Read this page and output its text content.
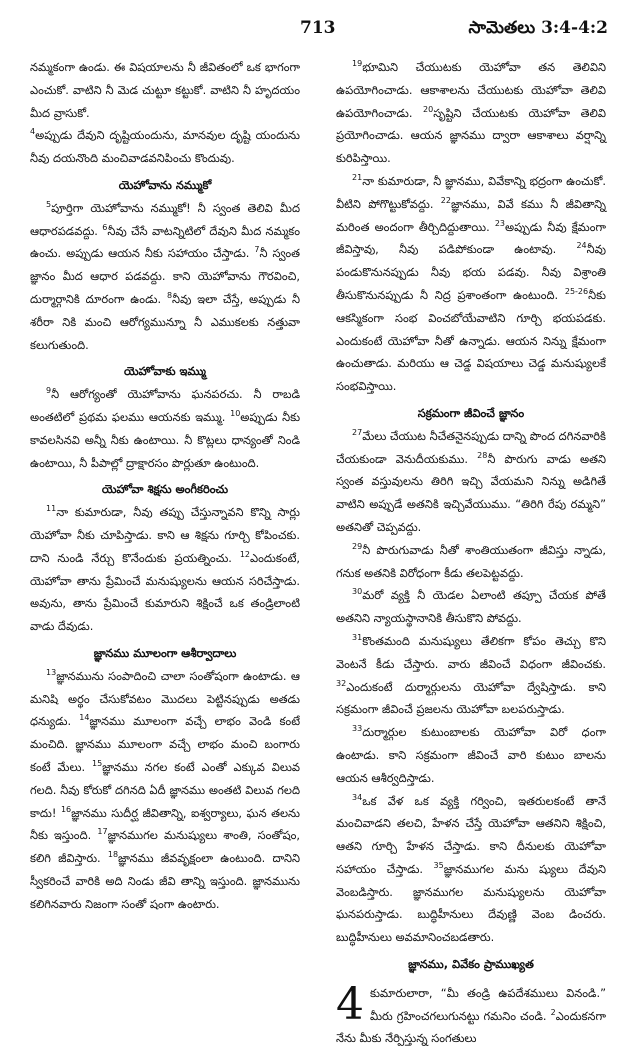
713	సామెతలు 3:4-4:2

నమ్మకంగా ఉండు. ఈ విషయాలను నీ జీవితంలో ఒక భాగంగా ఎంచుకో. వాటిని నీ మెడ చుట్టూ కట్టుకో. వాటిని నీ హృదయం మీద వ్రాసుకో.

$^4$అప్పుడు దేవుని దృష్టియందును, మానవుల దృష్టి యందును నీవు దయనొంది మంచివాడవనిపించు కొందువు.

యెహోవాను నమ్ముకో

$^5$పూర్తిగా యెహోవాను నమ్ముకో! నీ స్వంత తెలివి మీద ఆధారపడవద్దు. $^6$నీవు చేసే వాటన్నిటిలో దేవుని మీద నమ్మకం ఉంచు. అప్పుడు ఆయన నీకు సహాయం చేస్తాడు. $^7$నీ స్వంత జ్ఞానం మీద ఆధార పడవద్దు. కాని యెహోవాను గౌరవించి, దుర్మార్గానికి దూరంగా ఉండు. $^8$నీవు ఇలా చేస్తే, అప్పుడు నీ శరీరా నికి మంచి ఆరోగ్యమున్నూ నీ ఎముకలకు నత్తువా కలుగుతుంది.

యెహోవాకు ఇమ్ము

$^9$నీ ఆరోగ్యంతో యెహోవాను ఘనపరచు. నీ రాబడి అంతటిలో ప్రథమ ఫలము ఆయనకు ఇమ్ము. $^{10}$అప్పుడు నీకు కావలసినవి అన్నీ నీకు ఉంటాయి. నీ కొట్లలు ధాన్యంతో నిండి ఉంటాయి, నీ పీపాల్లో ద్రాక్షారసం పొర్లుతూ ఉంటుంది.

యెహోవా శిక్షను అంగీకరించు

$^{11}$నా కుమారుడా, నీవు తప్పు చేస్తున్నావని కొన్ని సార్లు యెహోవా నీకు చూపిస్తాడు. కాని ఆ శిక్షను గూర్చి కోపించకు. దాని నుండి నేర్చు కొనేందుకు ప్రయత్నించు. $^{12}$ఎందుకంటే, యెహోవా తాను ప్రేమించే మనుష్యులను ఆయన సరిచేస్తాడు. అవును, తాను ప్రేమించే కుమారుని శిక్షించే ఒక తండ్రిలాంటి వాడు దేవుడు.

జ్ఞానము మూలంగా ఆశీర్వాదాలు

$^{13}$జ్ఞానమును సంపాదించి చాలా సంతోషంగా ఉంటాడు. ఆ మనిషి అర్థం చేసుకోవటం మొదలు పెట్టినప్పుడు అతడు ధన్యుడు. $^{14}$జ్ఞానము మూలంగా వచ్చే లాభం వెండి కంటే మంచిది. జ్ఞానము మూలంగా వచ్చే లాభం మంచి బంగారు కంటే మేలు. $^{15}$జ్ఞానము నగల కంటే ఎంతో ఎక్కువ విలువ గలది. నీవు కోరుకో దగినది ఏదీ జ్ఞానము అంతటి విలువ గలది కాదు! $^{16}$జ్ఞానము సుదీర్ఘ జీవితాన్ని, ఐశ్వర్యాలు, ఘన తలను నీకు ఇస్తుంది. $^{17}$జ్ఞానముగల మనుష్యులు శాంతి, సంతోషం, కలిగి జీవిస్తారు. $^{18}$జ్ఞానము జీవవృక్షంలా ఉంటుంది. దానిని స్వీకరించే వారికి అది నిండు జీవి తాన్ని ఇస్తుంది. జ్ఞానమును కలిగినవారు నిజంగా సంతో షంగా ఉంటారు.

$^{19}$భూమిని చేయుటకు యెహోవా తన తెలివిని ఉపయోగించాడు. ఆకాశాలను చేయుటకు యెహోవా తెలివి ఉపయోగించాడు. $^{20}$సృష్టిని చేయుటకు యెహోవా తెలివి ప్రయోగించాడు. ఆయన జ్ఞానము ద్వారా ఆకాశాలు వర్షాన్ని కురిపిస్తాయి.

$^{21}$నా కుమారుడా, నీ జ్ఞానము, వివేకాన్ని భద్రంగా ఉంచుకో. వీటిని పోగొట్టుకోవద్దు. $^{22}$జ్ఞానము, వివే కము నీ జీవితాన్ని మరింత అందంగా తీర్చిదిద్దుతాయి. $^{23}$అప్పుడు నీవు క్షేమంగా జీవిస్తావు, నీవు పడిపోకుండా ఉంటావు.	$^{24}$నీవు పండుకొనునప్పుడు నీవు భయ పడవు. నీవు విశ్రాంతి తీసుకొనునప్పుడు నీ నిద్ర ప్రశాంతంగా ఉంటుంది. $^{25-26}$నీకు ఆకస్మికంగా సంభ వించబోయేవాటిని గూర్చి భయపడకు. ఎందుకంటే యెహోవా నీతో ఉన్నాడు. ఆయన నిన్ను క్షేమంగా ఉంచుతాడు. మరియు ఆ చెడ్డ విషయాలు చెడ్డ మనుష్యులకే సంభవిస్తాయి.

సక్రమంగా జీవించే జ్ఞానం

$^{27}$మేలు చేయుట నీచేతనైనప్పుడు దాన్ని పొంద దగినవారికి చేయకుండా వెనుదీయకుము. $^{28}$నీ పొరుగు వాడు అతని స్వంత వస్తువులను తిరిగి ఇచ్చి వేయమని నిన్ను అడిగితే వాటిని అప్పుడే అతనికి ఇచ్చివేయుము. “తిరిగి రేపు రమ్మని” అతనితో చెప్పవద్దు.

$^{29}$నీ పొరుగువాడు నీతో శాంతియుతంగా జీవిస్తు న్నాడు, గనుక అతనికి విరోధంగా కీడు తలపెట్టవద్దు.

$^{30}$మరో వ్యక్తి నీ యెడల ఏలాంటి తప్పూ చేయక పోతే అతనిని న్యాయస్థానానికి తీసుకొని పోవద్దు.

$^{31}$కొంతమంది మనుష్యులు తేలికగా కోపం తెచ్చు కొని వెంటనే కీడు చేస్తారు. వారు జీవించే విధంగా జీవించకు. $^{32}$ఎందుకంటే దుర్మార్గులను యెహోవా ద్వేషిస్తాడు. కాని సక్రమంగా జీవించే ప్రజలను యెహోవా బలపరుస్తాడు.

$^{33}$దుర్మార్గుల కుటుంబాలకు యెహోవా విరో ధంగా ఉంటాడు. కాని సక్రమంగా జీవించే వారి కుటుం బాలను ఆయన ఆశీర్వదిస్తాడు.

$^{34}$ఒక వేళ ఒక వ్యక్తి గర్వించి, ఇతరులకంటే తానే మంచివాడని తలచి, హేళన చేస్తే యెహోవా ఆతనిని శిక్షించి, ఆతని గూర్చి హేళన చేస్తాడు. కాని దీనులకు యెహోవా సహాయం చేస్తాడు. $^{35}$జ్ఞానముగల మను ష్యులు దేవుని వెంబడిస్తారు. జ్ఞానముగల మనుష్యులను యెహోవా ఘనపరుస్తాడు. బుద్ధిహీనులు దేవుణ్ణి వెంబ డించరు. బుద్ధిహీనులు అవమానించబడతారు.

జ్ఞానము, వివేకం ప్రాముఖ్యత
4 కుమారులారా, “మీ తండ్రి ఉపదేశములు వినండి.” మీరు గ్రహించగలుగునట్టు గమనిం చండి. $^2$ఎందుకనగా నేను మీకు నేర్పిస్తున్న సంగతులు
